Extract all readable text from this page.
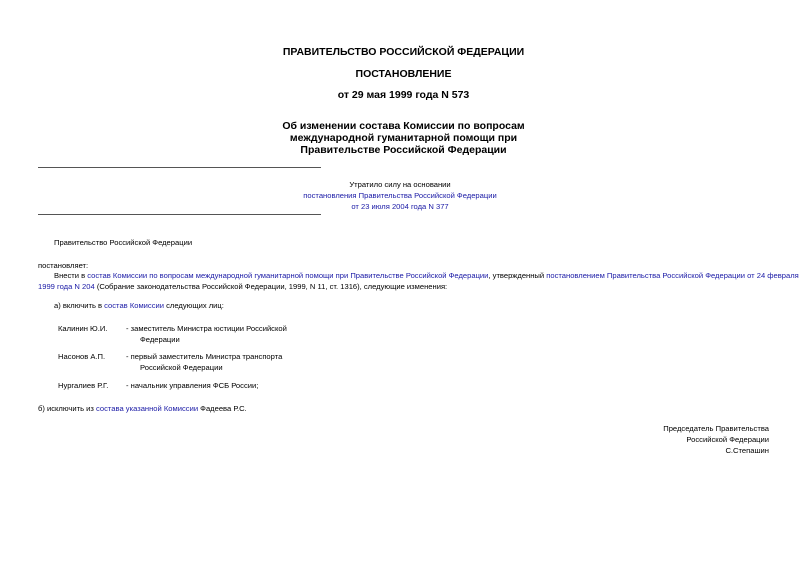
ПРАВИТЕЛЬСТВО РОССИЙСКОЙ ФЕДЕРАЦИИ
ПОСТАНОВЛЕНИЕ
от 29 мая 1999 года N 573
Об изменении состава Комиссии по вопросам
международной гуманитарной помощи при
Правительстве Российской Федерации
Утратило силу на основании
постановления Правительства Российской Федерации
от 23 июля 2004 года N 377
Правительство Российской Федерации
постановляет:
Внести в состав Комиссии по вопросам международной гуманитарной помощи при Правительстве Российской Федерации, утвержденный постановлением Правительства Российской Федерации от 24 февраля
1999 года N 204 (Собрание законодательства Российской Федерации, 1999, N 11, ст. 1316), следующие изменения:
а) включить в состав Комиссии следующих лиц:
Калинин Ю.И. - заместитель Министра юстиции Российской
Федерации
Насонов А.П.	- первый заместитель Министра транспорта
Российской Федерации
Нургалиев Р.Г. - начальник управления ФСБ России;
б) исключить из состава указанной Комиссии Фадеева Р.С.
Председатель Правительства
Российской Федерации
С.Степашин
